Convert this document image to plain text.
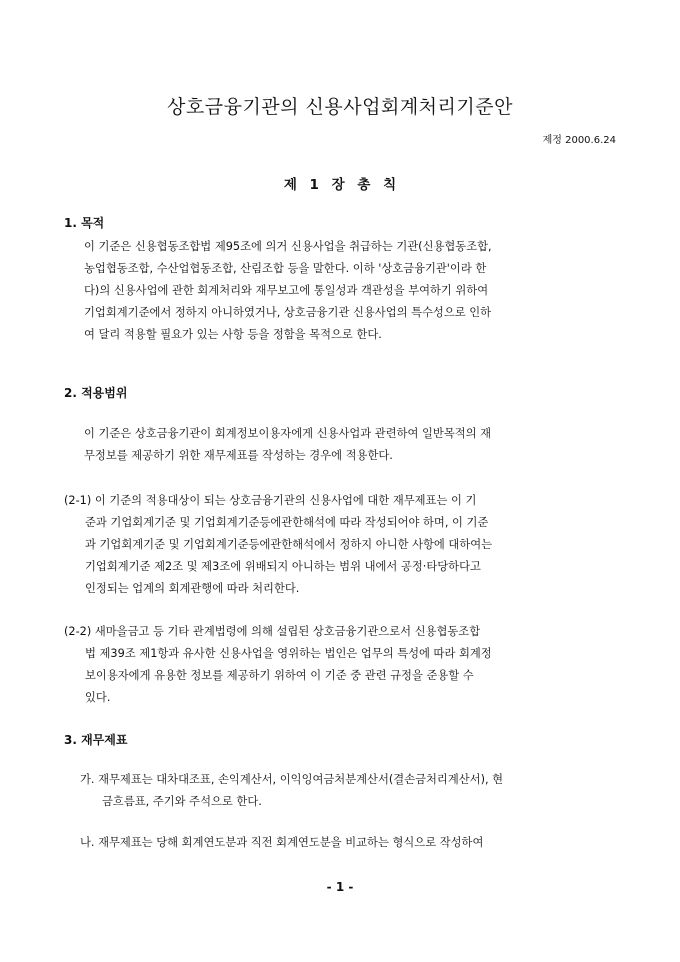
상호금융기관의 신용사업회계처리기준안
제정 2000.6.24
제 1 장 총 칙
1. 목적
이 기준은 신용협동조합법 제95조에 의거 신용사업을 취급하는 기관(신용협동조합,
농업협동조합, 수산업협동조합, 산림조합 등을 말한다. 이하 '상호금융기관'이라 한
다)의 신용사업에 관한 회계처리와 재무보고에 통일성과 객관성을 부여하기 위하여
기업회계기준에서 정하지 아니하였거나, 상호금융기관 신용사업의 특수성으로 인하
여 달리 적용할 필요가 있는 사항 등을 정함을 목적으로 한다.
2. 적용범위
이 기준은 상호금융기관이 회계정보이용자에게 신용사업과 관련하여 일반목적의 재
무정보를 제공하기 위한 재무제표를 작성하는 경우에 적용한다.
(2-1) 이 기준의 적용대상이 되는 상호금융기관의 신용사업에 대한 재무제표는 이 기
준과 기업회계기준 및 기업회계기준등에관한해석에 따라 작성되어야 하며, 이 기준
과 기업회계기준 및 기업회계기준등에관한해석에서 정하지 아니한 사항에 대하여는
기업회계기준 제2조 및 제3조에 위배되지 아니하는 범위 내에서 공정·타당하다고
인정되는 업계의 회계관행에 따라 처리한다.
(2-2) 새마을금고 등 기타 관계법령에 의해 설립된 상호금융기관으로서 신용협동조합
법 제39조 제1항과 유사한 신용사업을 영위하는 법인은 업무의 특성에 따라 회계정
보이용자에게 유용한 정보를 제공하기 위하여 이 기준 중 관련 규정을 준용할 수
있다.
3. 재무제표
가. 재무제표는 대차대조표, 손익계산서, 이익잉여금처분계산서(결손금처리계산서), 현
금흐름표, 주기와 주석으로 한다.
나. 재무제표는 당해 회계연도분과 직전 회계연도분을 비교하는 형식으로 작성하여
- 1 -
